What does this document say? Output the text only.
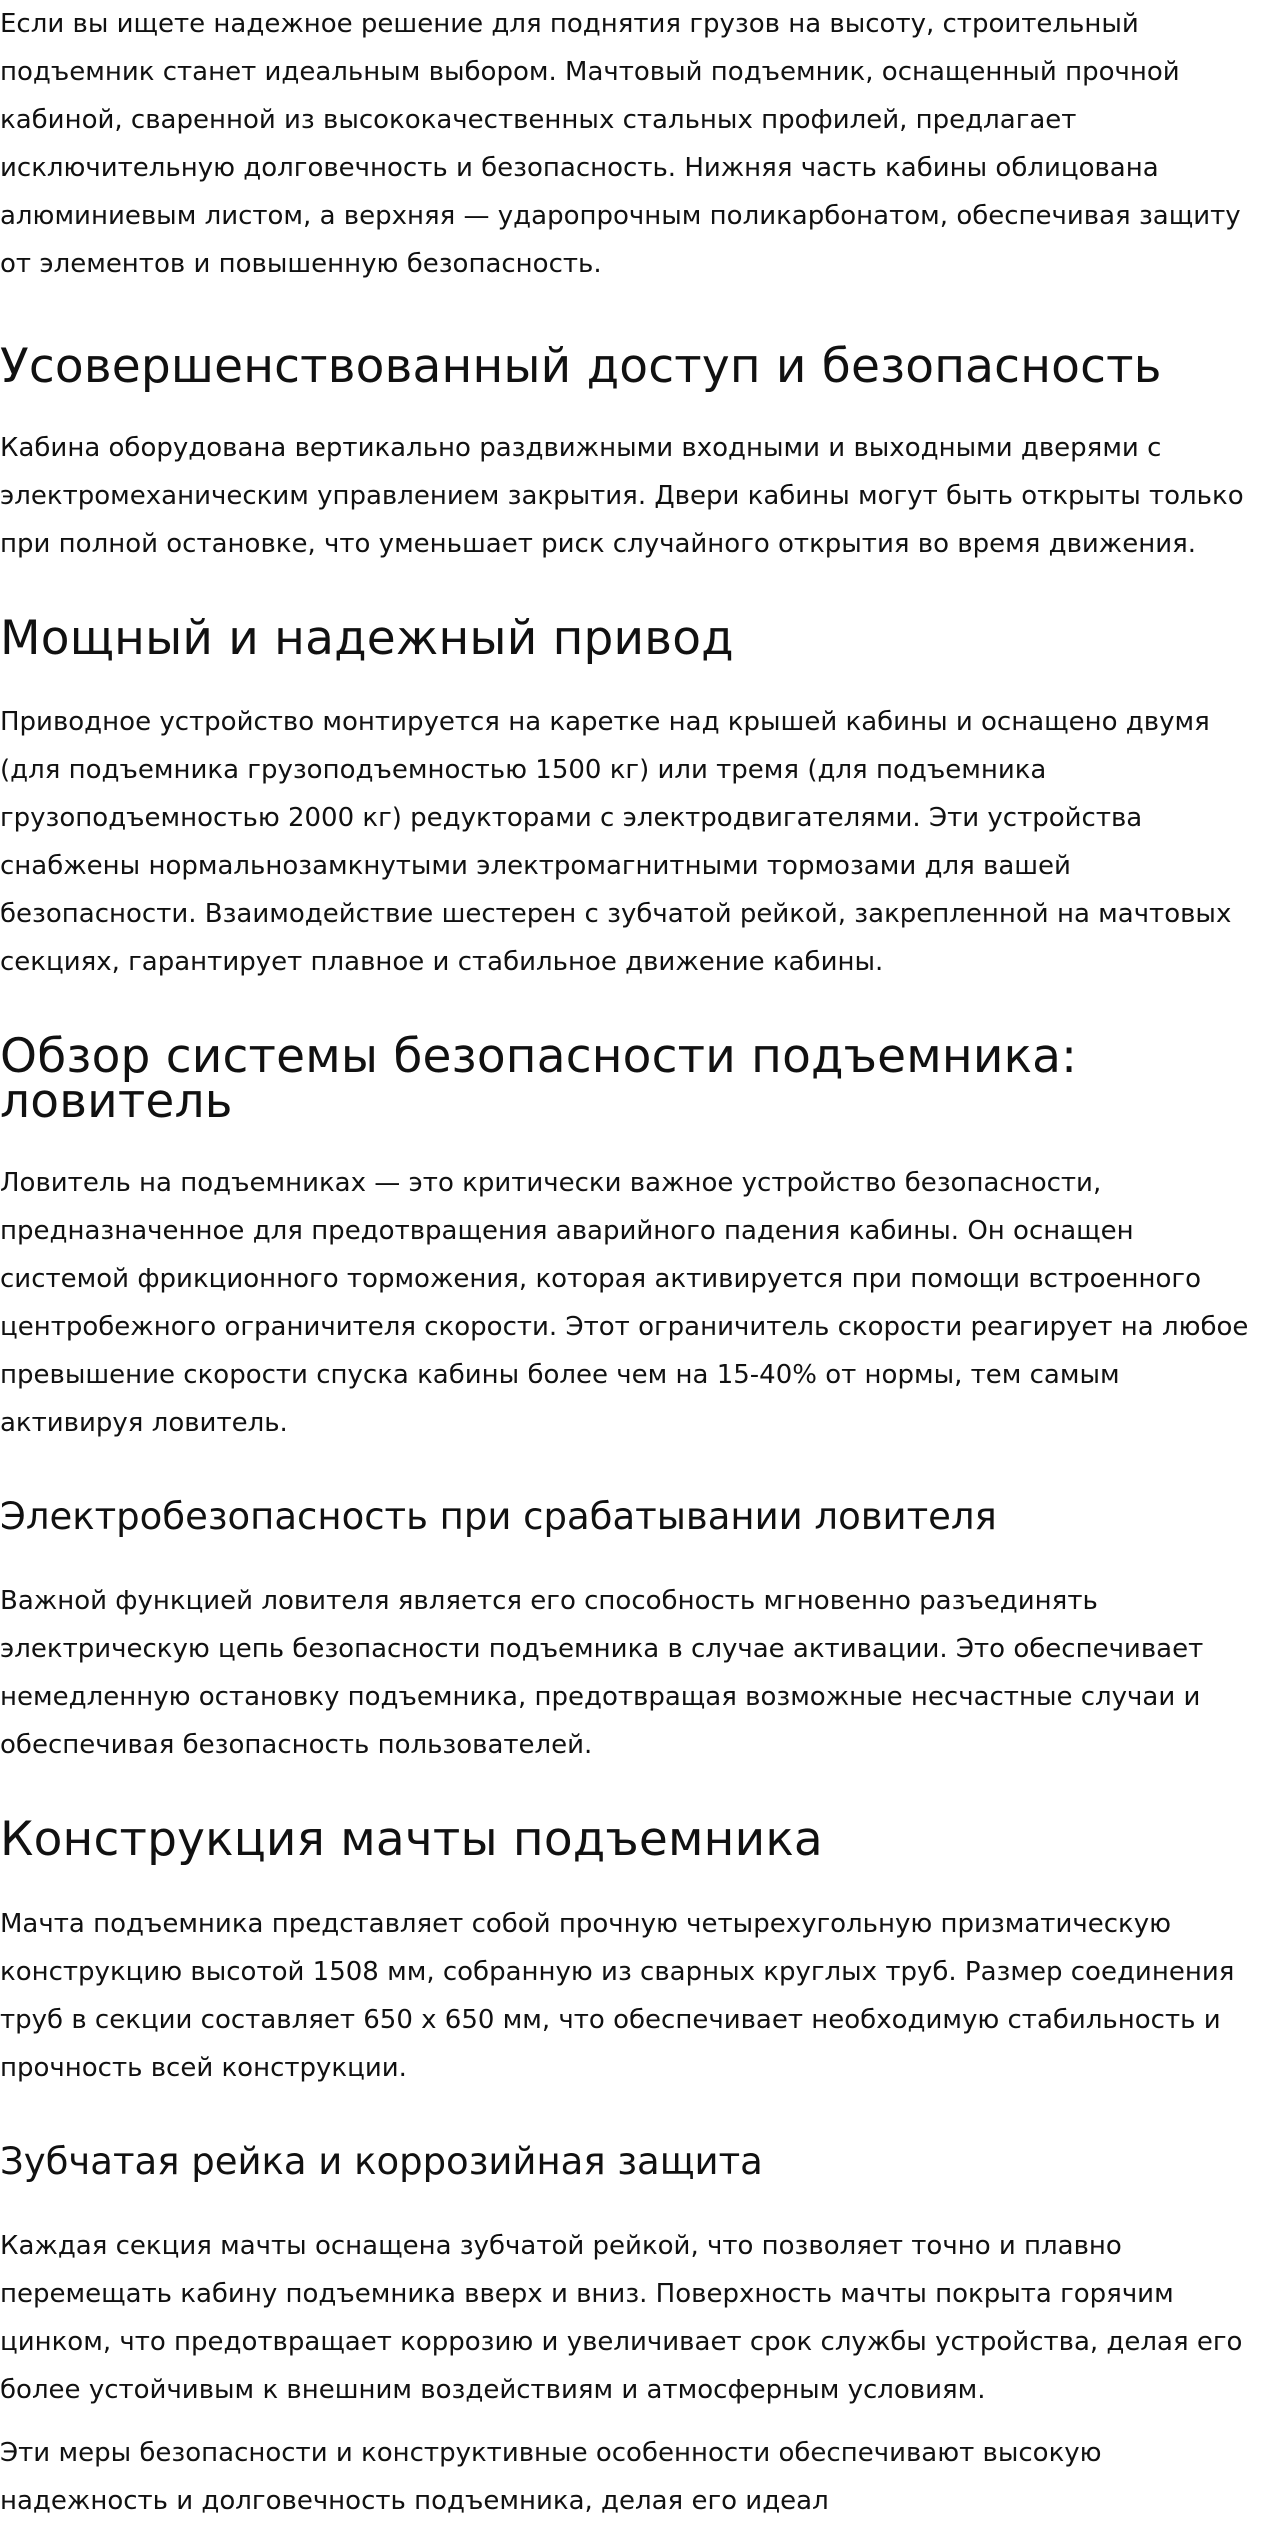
Если вы ищете надежное решение для поднятия грузов на высоту, строительный подъемник станет идеальным выбором. Мачтовый подъемник, оснащенный прочной кабиной, сваренной из высококачественных стальных профилей, предлагает исключительную долговечность и безопасность. Нижняя часть кабины облицована алюминиевым листом, а верхняя — ударопрочным поликарбонатом, обеспечивая защиту от элементов и повышенную безопасность.

Усовершенствованный доступ и безопасность

Кабина оборудована вертикально раздвижными входными и выходными дверями с электромеханическим управлением закрытия. Двери кабины могут быть открыты только при полной остановке, что уменьшает риск случайного открытия во время движения.

Мощный и надежный привод

Приводное устройство монтируется на каретке над крышей кабины и оснащено двумя (для подъемника грузоподъемностью 1500 кг) или тремя (для подъемника грузоподъемностью 2000 кг) редукторами с электродвигателями. Эти устройства снабжены нормальнозамкнутыми электромагнитными тормозами для вашей безопасности. Взаимодействие шестерен с зубчатой рейкой, закрепленной на мачтовых секциях, гарантирует плавное и стабильное движение кабины.

Обзор системы безопасности подъемника: ловитель

Ловитель на подъемниках — это критически важное устройство безопасности, предназначенное для предотвращения аварийного падения кабины. Он оснащен системой фрикционного торможения, которая активируется при помощи встроенного центробежного ограничителя скорости. Этот ограничитель скорости реагирует на любое превышение скорости спуска кабины более чем на 15-40% от нормы, тем самым активируя ловитель.

Электробезопасность при срабатывании ловителя

Важной функцией ловителя является его способность мгновенно разъединять электрическую цепь безопасности подъемника в случае активации. Это обеспечивает немедленную остановку подъемника, предотвращая возможные несчастные случаи и обеспечивая безопасность пользователей.

Конструкция мачты подъемника

Мачта подъемника представляет собой прочную четырехугольную призматическую конструкцию высотой 1508 мм, собранную из сварных круглых труб. Размер соединения труб в секции составляет 650 x 650 мм, что обеспечивает необходимую стабильность и прочность всей конструкции.

Зубчатая рейка и коррозийная защита

Каждая секция мачты оснащена зубчатой рейкой, что позволяет точно и плавно перемещать кабину подъемника вверх и вниз. Поверхность мачты покрыта горячим цинком, что предотвращает коррозию и увеличивает срок службы устройства, делая его более устойчивым к внешним воздействиям и атмосферным условиям.

Эти меры безопасности и конструктивные особенности обеспечивают высокую надежность и долговечность подъемника, делая его идеал
